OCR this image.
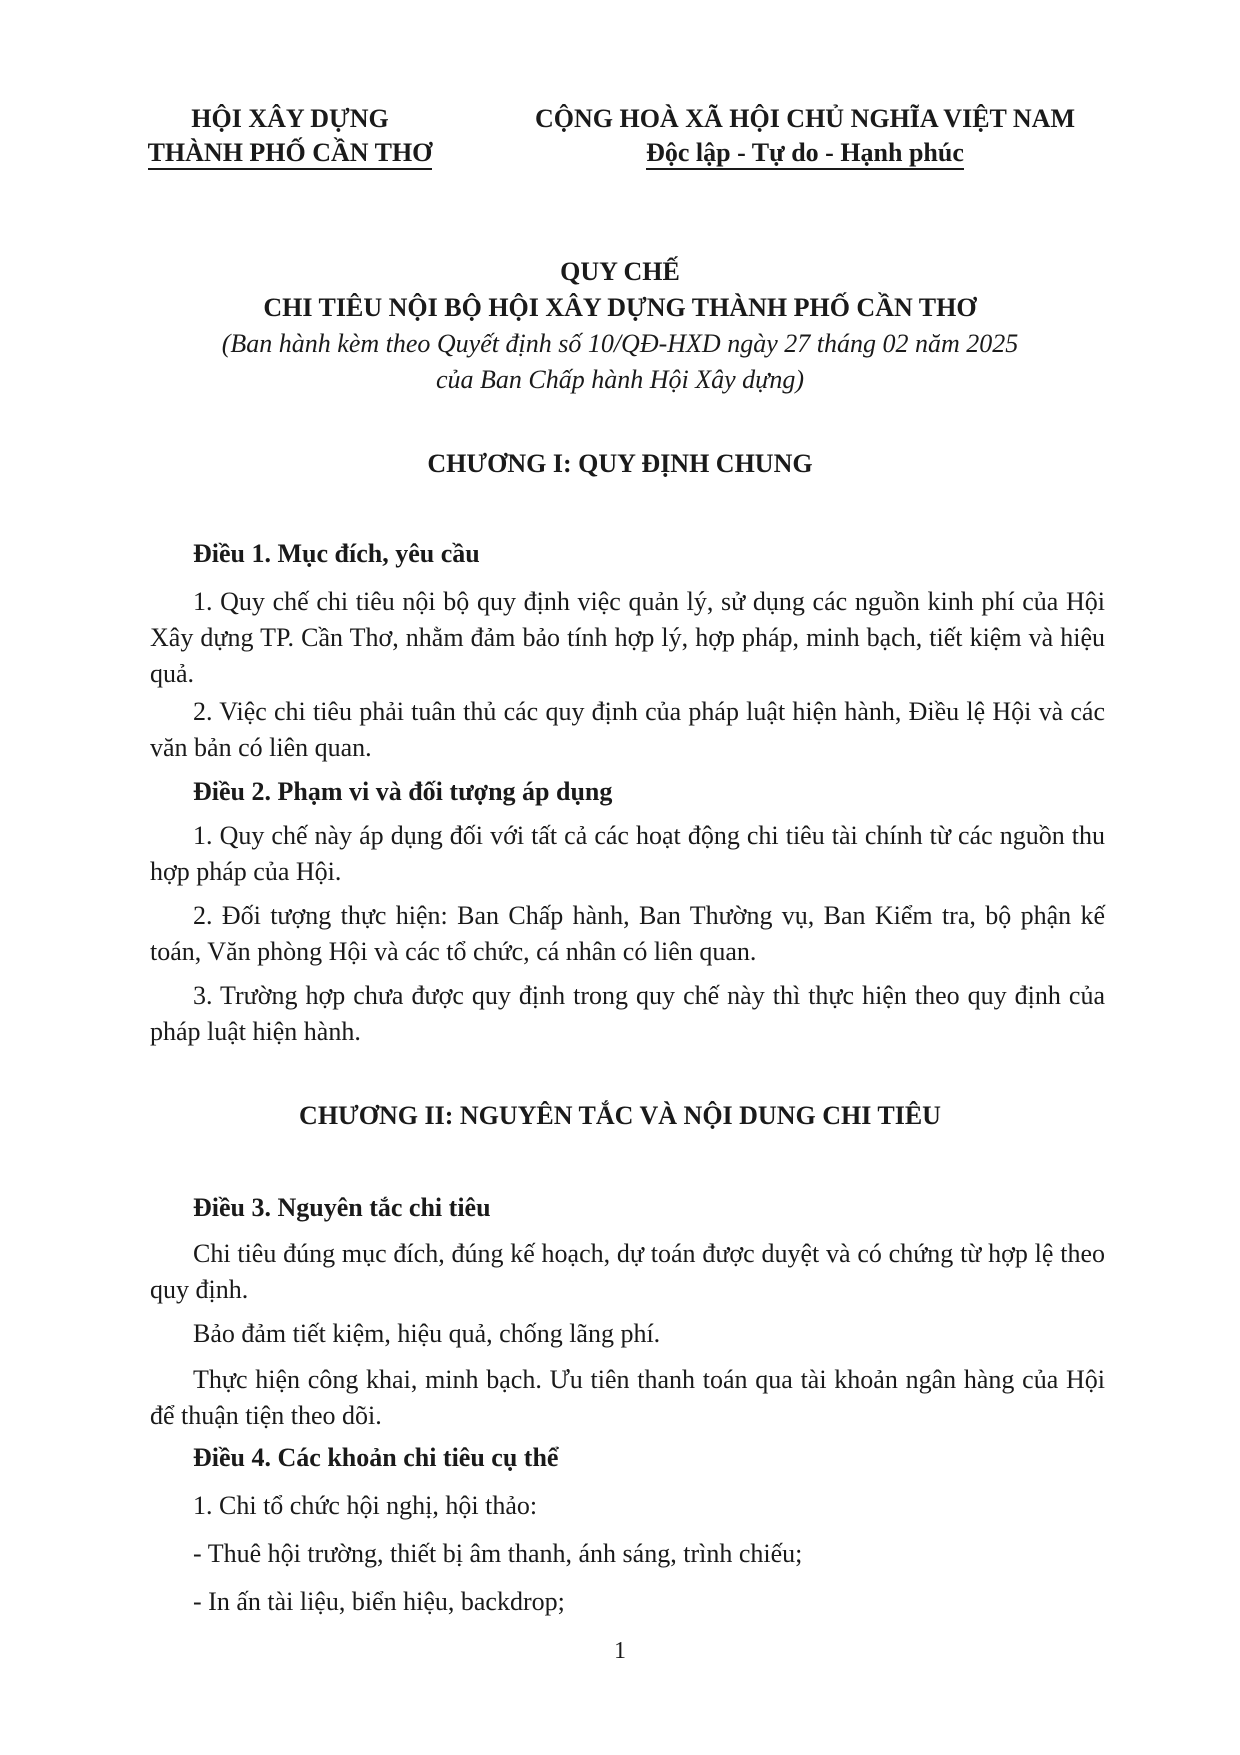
HỘI XÂY DỰNG
THÀNH PHỐ CẦN THƠ
CỘNG HOÀ XÃ HỘI CHỦ NGHĨA VIỆT NAM
Độc lập - Tự do - Hạnh phúc
QUY CHẾ
CHI TIÊU NỘI BỘ HỘI XÂY DỰNG THÀNH PHỐ CẦN THƠ
(Ban hành kèm theo Quyết định số 10/QĐ-HXD ngày 27 tháng 02 năm 2025
của Ban Chấp hành Hội Xây dựng)
CHƯƠNG I: QUY ĐỊNH CHUNG
Điều 1. Mục đích, yêu cầu
1. Quy chế chi tiêu nội bộ quy định việc quản lý, sử dụng các nguồn kinh phí của Hội Xây dựng TP. Cần Thơ, nhằm đảm bảo tính hợp lý, hợp pháp, minh bạch, tiết kiệm và hiệu quả.
2. Việc chi tiêu phải tuân thủ các quy định của pháp luật hiện hành, Điều lệ Hội và các văn bản có liên quan.
Điều 2. Phạm vi và đối tượng áp dụng
1. Quy chế này áp dụng đối với tất cả các hoạt động chi tiêu tài chính từ các nguồn thu hợp pháp của Hội.
2. Đối tượng thực hiện: Ban Chấp hành, Ban Thường vụ, Ban Kiểm tra, bộ phận kế toán, Văn phòng Hội và các tổ chức, cá nhân có liên quan.
3. Trường hợp chưa được quy định trong quy chế này thì thực hiện theo quy định của pháp luật hiện hành.
CHƯƠNG II: NGUYÊN TẮC VÀ NỘI DUNG CHI TIÊU
Điều 3. Nguyên tắc chi tiêu
Chi tiêu đúng mục đích, đúng kế hoạch, dự toán được duyệt và có chứng từ hợp lệ theo quy định.
Bảo đảm tiết kiệm, hiệu quả, chống lãng phí.
Thực hiện công khai, minh bạch. Ưu tiên thanh toán qua tài khoản ngân hàng của Hội để thuận tiện theo dõi.
Điều 4. Các khoản chi tiêu cụ thể
1. Chi tổ chức hội nghị, hội thảo:
- Thuê hội trường, thiết bị âm thanh, ánh sáng, trình chiếu;
- In ấn tài liệu, biển hiệu, backdrop;
1
